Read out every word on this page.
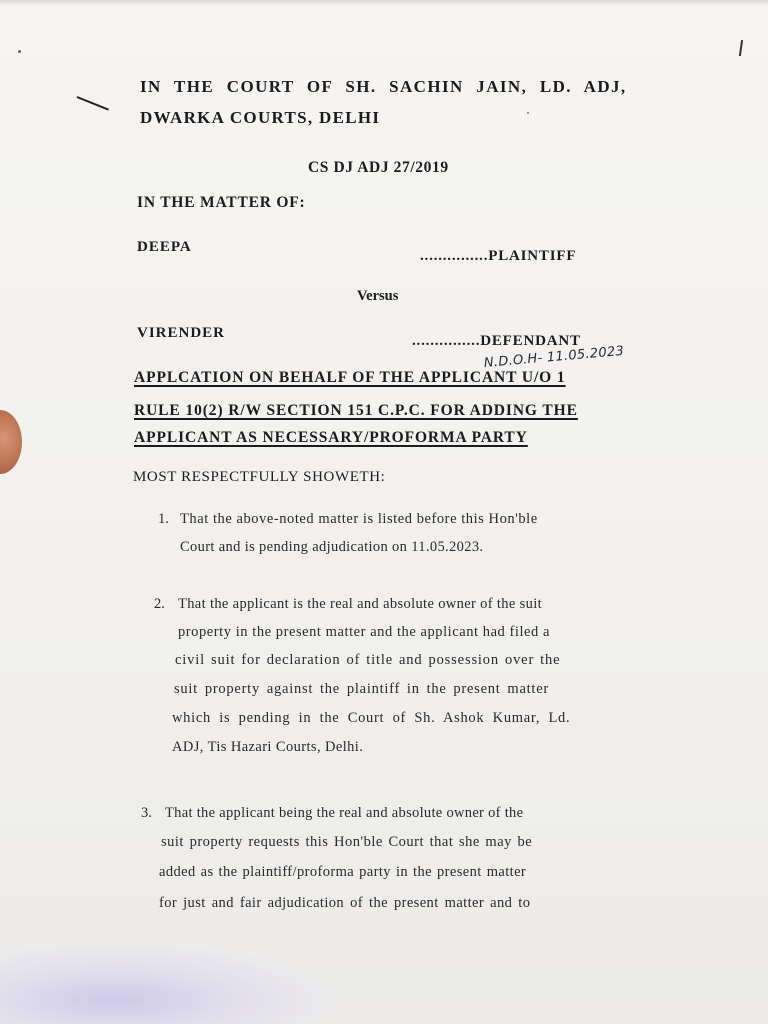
IN THE COURT OF SH. SACHIN JAIN, LD. ADJ,
DWARKA COURTS, DELHI
CS DJ ADJ 27/2019
IN THE MATTER OF:
DEEPA
...............PLAINTIFF
Versus
VIRENDER	...............DEFENDANT
N.D.O.H- 11.05.2023
APPLCATION ON BEHALF OF THE APPLICANT U/O 1
RULE 10(2) R/W SECTION 151 C.P.C. FOR ADDING THE
APPLICANT AS NECESSARY/PROFORMA PARTY
MOST RESPECTFULLY SHOWETH:
1. That the above-noted matter is listed before this Hon'ble
Court and is pending adjudication on 11.05.2023.
2. That the applicant is the real and absolute owner of the suit
property in the present matter and the applicant had filed a
civil suit for declaration of title and possession over the
suit property against the plaintiff in the present matter
which is pending in the Court of Sh. Ashok Kumar, Ld.
ADJ, Tis Hazari Courts, Delhi.
3. That the applicant being the real and absolute owner of the
suit property requests this Hon'ble Court that she may be
added as the plaintiff/proforma party in the present matter
for just and fair adjudication of the present matter and to
